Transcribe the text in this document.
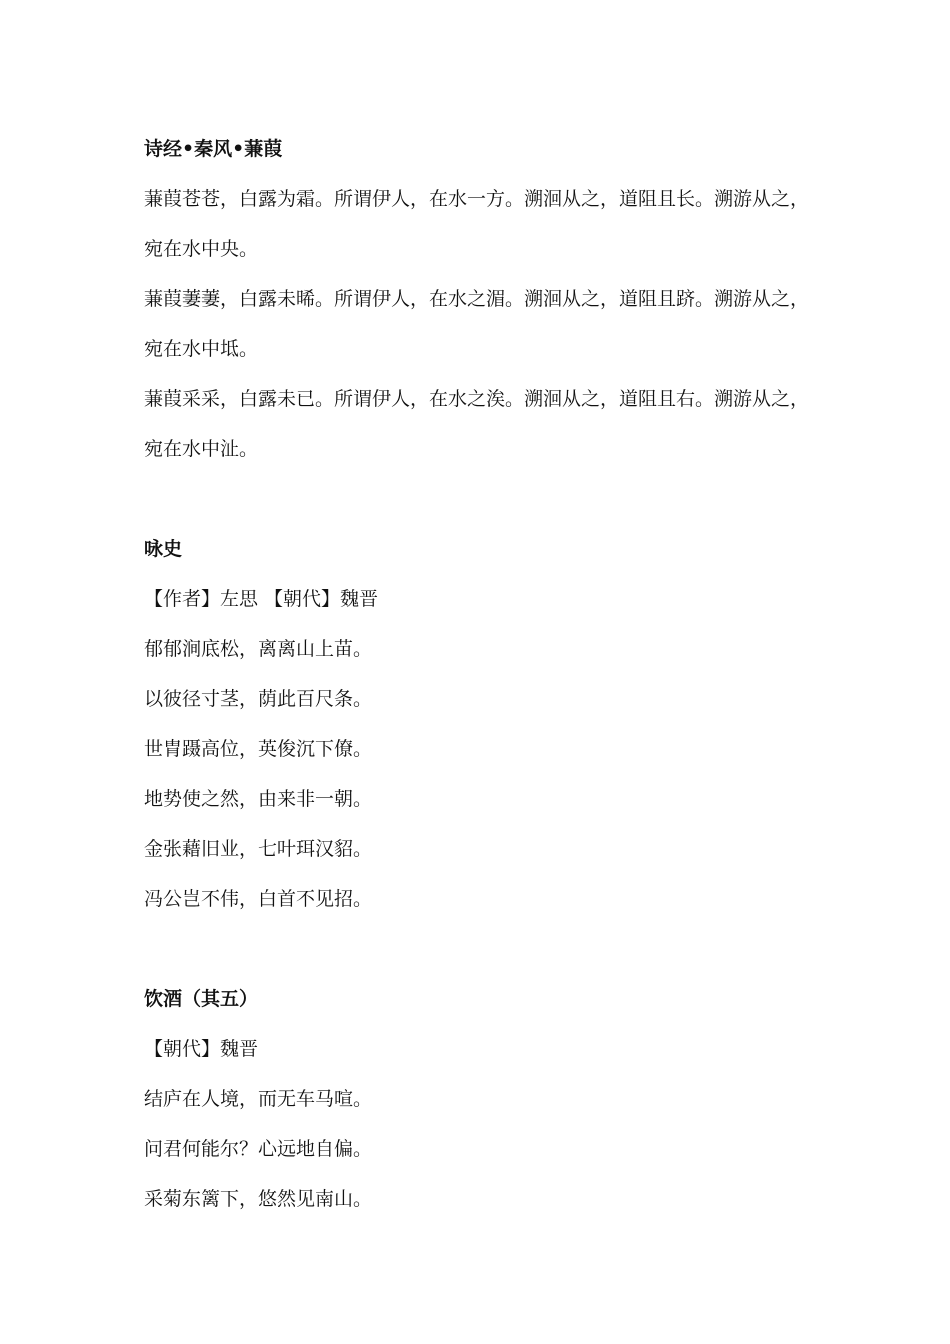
诗经•秦风•蒹葭
蒹葭苍苍，白露为霜。所谓伊人，在水一方。溯洄从之，道阻且长。溯游从之，
宛在水中央。
蒹葭萋萋，白露未晞。所谓伊人，在水之湄。溯洄从之，道阻且跻。溯游从之，
宛在水中坻。
蒹葭采采，白露未已。所谓伊人，在水之涘。溯洄从之，道阻且右。溯游从之，
宛在水中沚。
咏史
【作者】左思 【朝代】魏晋
郁郁涧底松，离离山上苗。
以彼径寸茎，荫此百尺条。
世胄蹑高位，英俊沉下僚。
地势使之然，由来非一朝。
金张藉旧业，七叶珥汉貂。
冯公岂不伟，白首不见招。
饮酒（其五）
【朝代】魏晋
结庐在人境，而无车马喧。
问君何能尔？心远地自偏。
采菊东篱下，悠然见南山。
